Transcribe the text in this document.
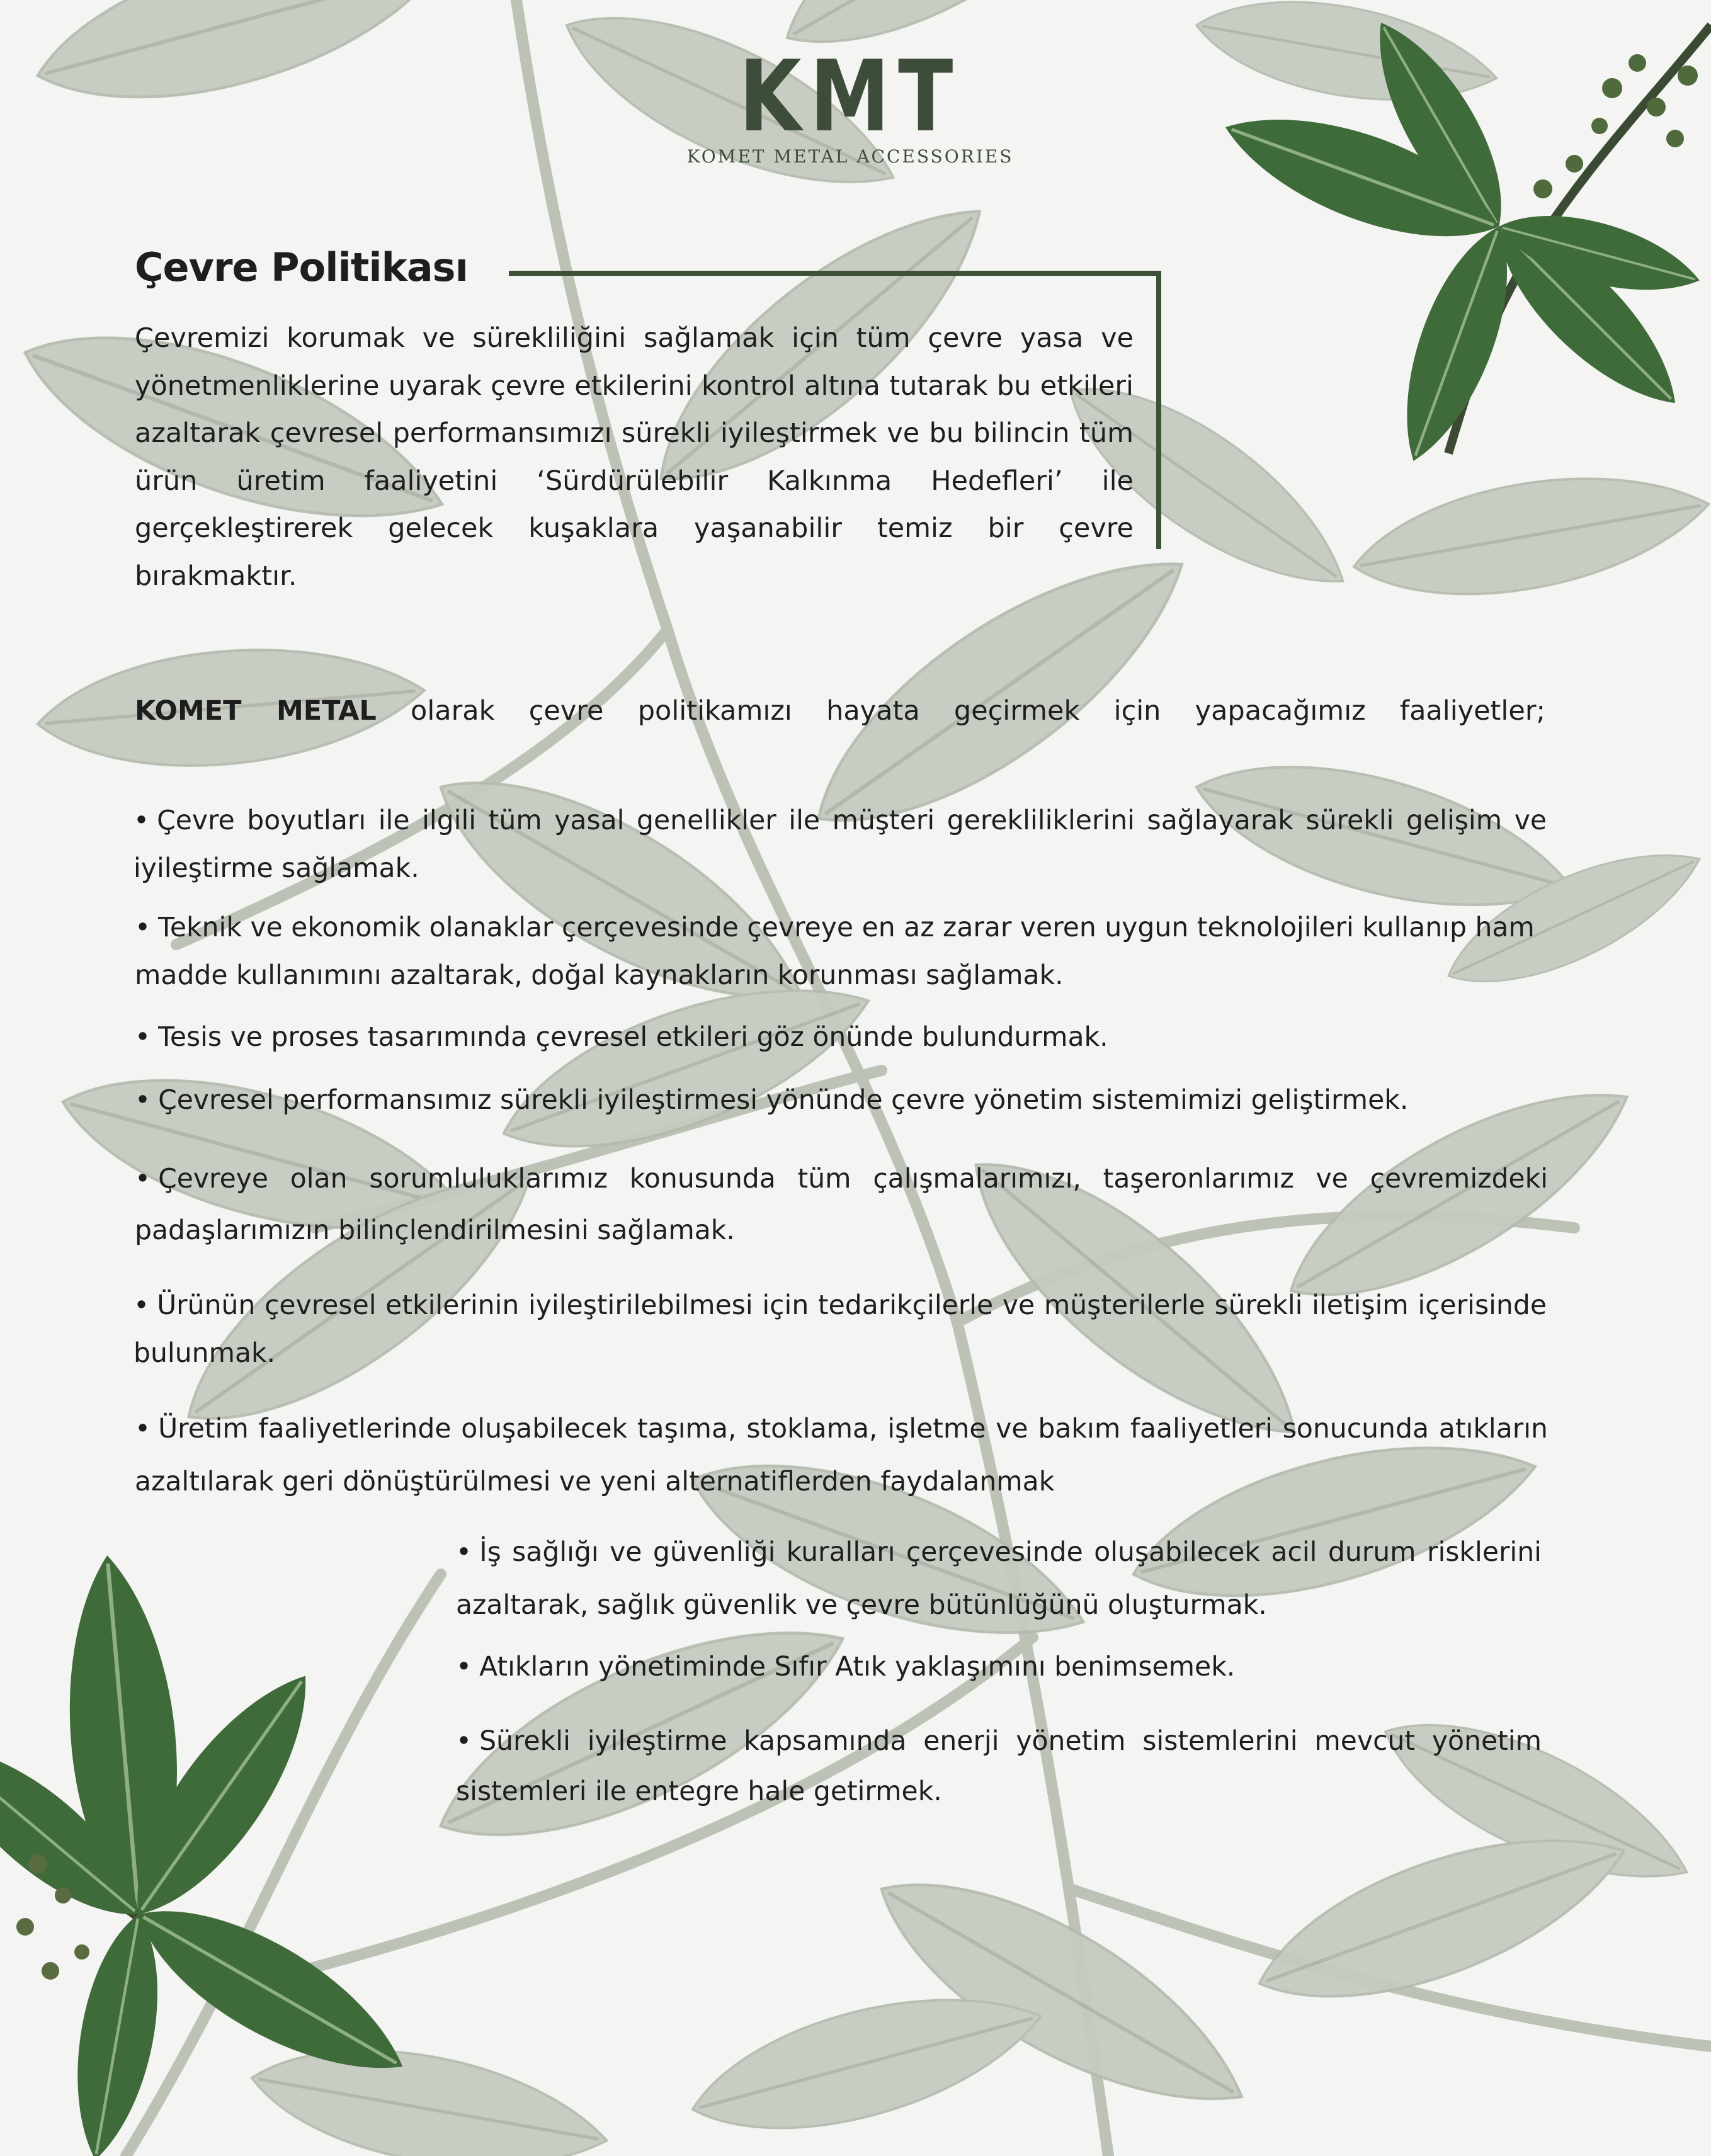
KMT
KOMET METAL ACCESSORIES
Çevre Politikası

Çevremizi korumak ve sürekliliğini sağlamak için tüm çevre yasa ve yönetmenliklerine uyarak çevre etkilerini kontrol altına tutarak bu etkileri azaltarak çevresel performansımızı sürekli iyileştirmek ve bu bilincin tüm ürün üretim faaliyetini ‘Sürdürülebilir Kalkınma Hedefleri’ ile gerçekleştirerek gelecek kuşaklara yaşanabilir temiz bir çevre bırakmaktır.

KOMET METAL olarak çevre politikamızı hayata geçirmek için yapacağımız faaliyetler;

• Çevre boyutları ile ilgili tüm yasal genellikler ile müşteri gerekliliklerini sağlayarak sürekli gelişim ve iyileştirme sağlamak.
• Teknik ve ekonomik olanaklar çerçevesinde çevreye en az zarar veren uygun teknolojileri kullanıp ham madde kullanımını azaltarak, doğal kaynakların korunması sağlamak.
• Tesis ve proses tasarımında çevresel etkileri göz önünde bulundurmak.
• Çevresel performansımız sürekli iyileştirmesi yönünde çevre yönetim sistemimizi geliştirmek.
• Çevreye olan sorumluluklarımız konusunda tüm çalışmalarımızı, taşeronlarımız ve çevremizdeki padaşlarımızın bilinçlendirilmesini sağlamak.
• Ürünün çevresel etkilerinin iyileştirilebilmesi için tedarikçilerle ve müşterilerle sürekli iletişim içerisinde bulunmak.
• Üretim faaliyetlerinde oluşabilecek taşıma, stoklama, işletme ve bakım faaliyetleri sonucunda atıkların azaltılarak geri dönüştürülmesi ve yeni alternatiflerden faydalanmak
• İş sağlığı ve güvenliği kuralları çerçevesinde oluşabilecek acil durum risklerini azaltarak, sağlık güvenlik ve çevre bütünlüğünü oluşturmak.
• Atıkların yönetiminde Sıfır Atık yaklaşımını benimsemek.
• Sürekli iyileştirme kapsamında enerji yönetim sistemlerini mevcut yönetim sistemleri ile entegre hale getirmek.
